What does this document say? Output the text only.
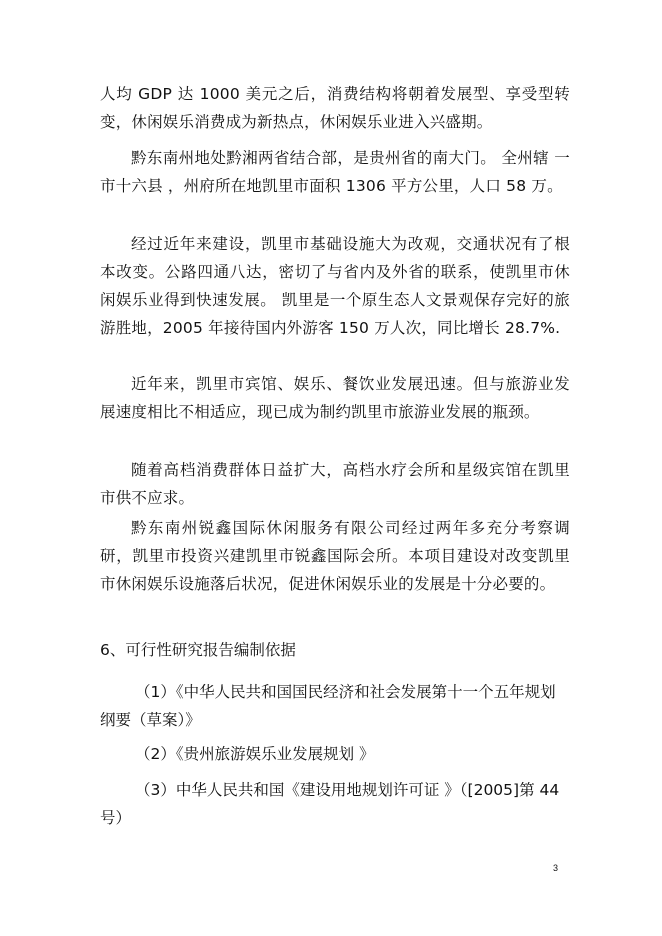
人均 GDP 达 1000 美元之后，消费结构将朝着发展型、享受型转变，休闲娱乐消费成为新热点，休闲娱乐业进入兴盛期。

黔东南州地处黔湘两省结合部，是贵州省的南大门。 全州辖 一市十六县 ，州府所在地凯里市面积 1306 平方公里，人口 58 万。

经过近年来建设，凯里市基础设施大为改观，交通状况有了根本改变。公路四通八达，密切了与省内及外省的联系，使凯里市休闲娱乐业得到快速发展。 凯里是一个原生态人文景观保存完好的旅游胜地，2005 年接待国内外游客 150 万人次，同比增长 28.7%.

近年来，凯里市宾馆、娱乐、餐饮业发展迅速。但与旅游业发展速度相比不相适应，现已成为制约凯里市旅游业发展的瓶颈。

随着高档消费群体日益扩大，高档水疗会所和星级宾馆在凯里市供不应求。

黔东南州锐鑫国际休闲服务有限公司经过两年多充分考察调研，凯里市投资兴建凯里市锐鑫国际会所。本项目建设对改变凯里市休闲娱乐设施落后状况，促进休闲娱乐业的发展是十分必要的。

6、可行性研究报告编制依据

（1）《中华人民共和国国民经济和社会发展第十一个五年规划纲要（草案）》

（2）《贵州旅游娱乐业发展规划 》

（3）中华人民共和国《建设用地规划许可证 》（[2005]第 44 号）

3
